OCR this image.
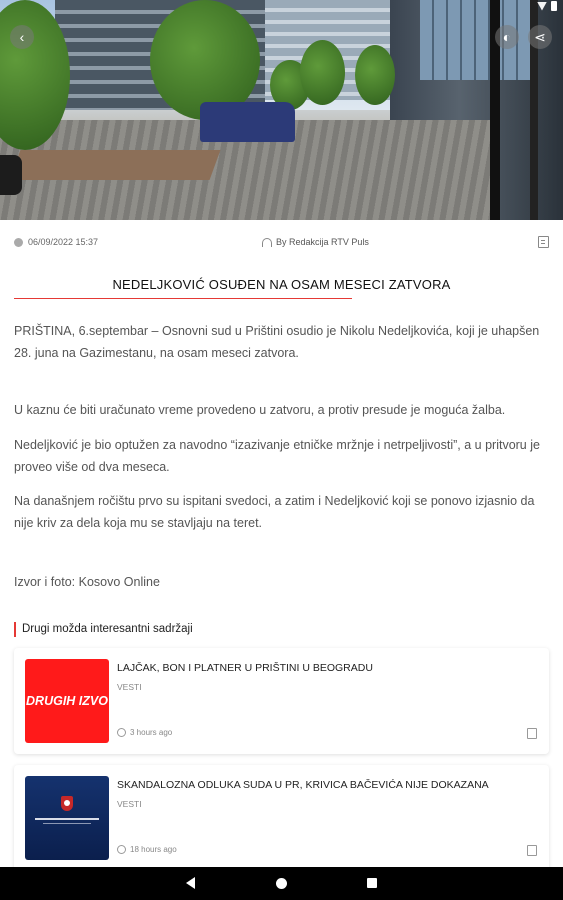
‹	◐	⋖
06/09/2022 15:37	By Redakcija RTV Puls
NEDELJKOVIĆ OSUĐEN NA OSAM MESECI ZATVORA

PRIŠTINA, 6.septembar – Osnovni sud u Prištini osudio je Nikolu Nedeljkovića, koji je uhapšen 28. juna na Gazimestanu, na osam meseci zatvora.

U kaznu će biti uračunato vreme provedeno u zatvoru, a protiv presude je moguća žalba.

Nedeljković je bio optužen za navodno “izazivanje etničke mržnje i netrpeljivosti”, a u pritvoru je proveo više od dva meseca.

Na današnjem ročištu prvo su ispitani svedoci, a zatim i Nedeljković koji se ponovo izjasnio da nije kriv za dela koja mu se stavljaju na teret.

Izvor i foto: Kosovo Online

Drugi možda interesantni sadržaji
DRUGIH IZVO
LAJČAK, BON I PLATNER U PRIŠTINI U BEOGRADU
VESTI
3 hours ago
SKANDALOZNA ODLUKA SUDA U PR, KRIVICA BAČEVIĆA NIJE DOKAZANA
VESTI
18 hours ago
